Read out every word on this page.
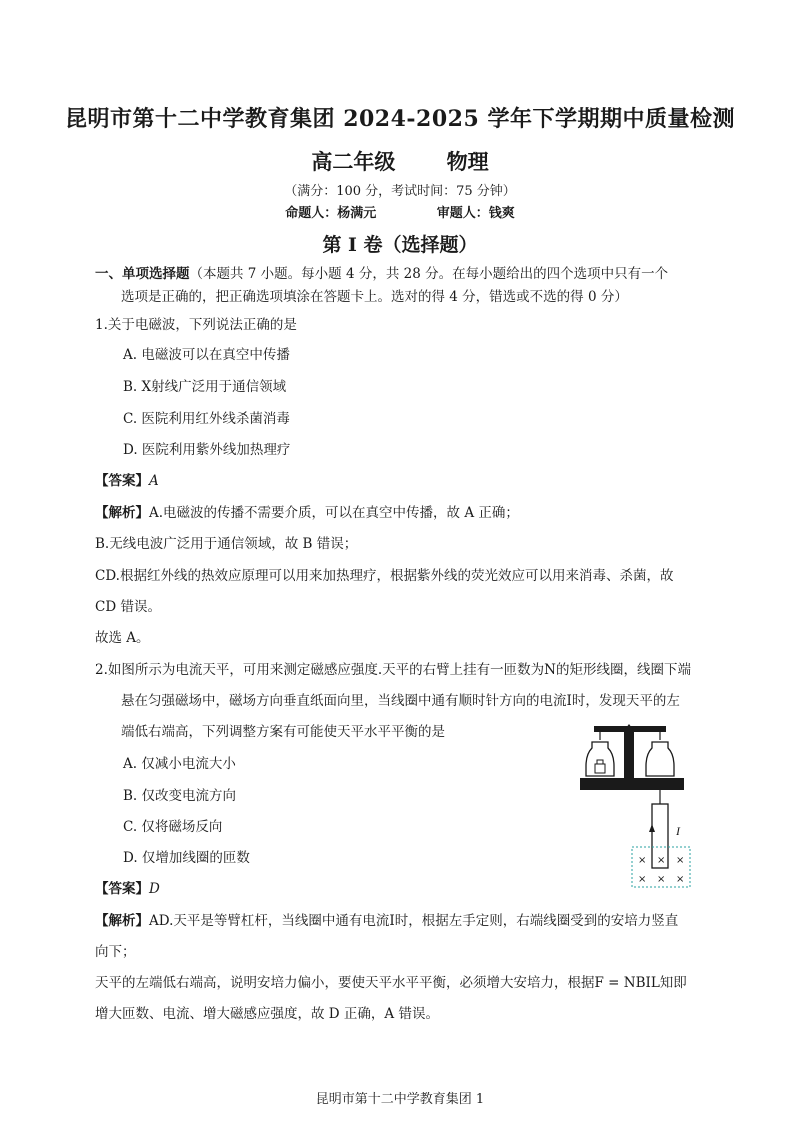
昆明市第十二中学教育集团 2024-2025 学年下学期期中质量检测
高二年级 物理
（满分：100 分，考试时间：75 分钟）
命题人：杨满元	审题人：钱爽
第 I 卷（选择题）
一、单项选择题（本题共 7 小题。每小题 4 分，共 28 分。在每小题给出的四个选项中只有一个
选项是正确的，把正确选项填涂在答题卡上。选对的得 4 分，错选或不选的得 0 分）
1.关于电磁波，下列说法正确的是
A. 电磁波可以在真空中传播
B. X射线广泛用于通信领域
C. 医院利用红外线杀菌消毒
D. 医院利用紫外线加热理疗
【答案】A
【解析】A.电磁波的传播不需要介质，可以在真空中传播，故 A 正确；
B.无线电波广泛用于通信领域，故 B 错误；
CD.根据红外线的热效应原理可以用来加热理疗，根据紫外线的荧光效应可以用来消毒、杀菌，故
CD 错误。
故选 A。
2.如图所示为电流天平，可用来测定磁感应强度.天平的右臂上挂有一匝数为N的矩形线圈，线圈下端
悬在匀强磁场中，磁场方向垂直纸面向里，当线圈中通有顺时针方向的电流I时，发现天平的左
端低右端高，下列调整方案有可能使天平水平平衡的是
A. 仅减小电流大小
B. 仅改变电流方向
C. 仅将磁场反向
D. 仅增加线圈的匝数
【答案】D
【解析】AD.天平是等臂杠杆，当线圈中通有电流I时，根据左手定则，右端线圈受到的安培力竖直
向下；
天平的左端低右端高，说明安培力偏小，要使天平水平平衡，必须增大安培力，根据F = NBIL知即
增大匝数、电流、增大磁感应强度，故 D 正确，A 错误。
I
× × ×
× × ×
昆明市第十二中学教育集团 1
